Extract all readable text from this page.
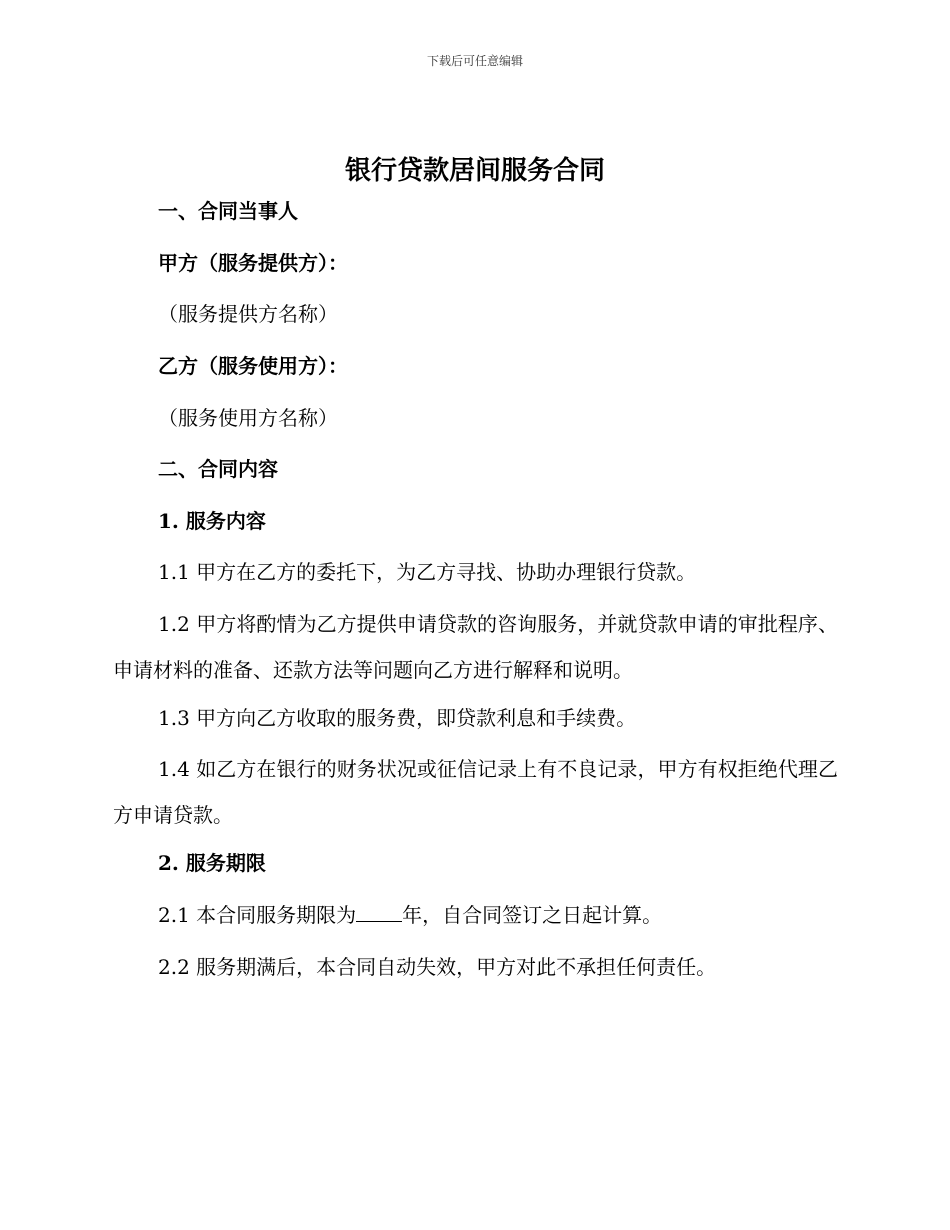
下载后可任意编辑
银行贷款居间服务合同
一、合同当事人
甲方（服务提供方）：
（服务提供方名称）
乙方（服务使用方）：
（服务使用方名称）
二、合同内容
1. 服务内容
1.1 甲方在乙方的委托下，为乙方寻找、协助办理银行贷款。
1.2 甲方将酌情为乙方提供申请贷款的咨询服务，并就贷款申请的审批程序、申请材料的准备、还款方法等问题向乙方进行解释和说明。
1.3 甲方向乙方收取的服务费，即贷款利息和手续费。
1.4 如乙方在银行的财务状况或征信记录上有不良记录，甲方有权拒绝代理乙方申请贷款。
2. 服务期限
2.1 本合同服务期限为 年，自合同签订之日起计算。
2.2 服务期满后，本合同自动失效，甲方对此不承担任何责任。
